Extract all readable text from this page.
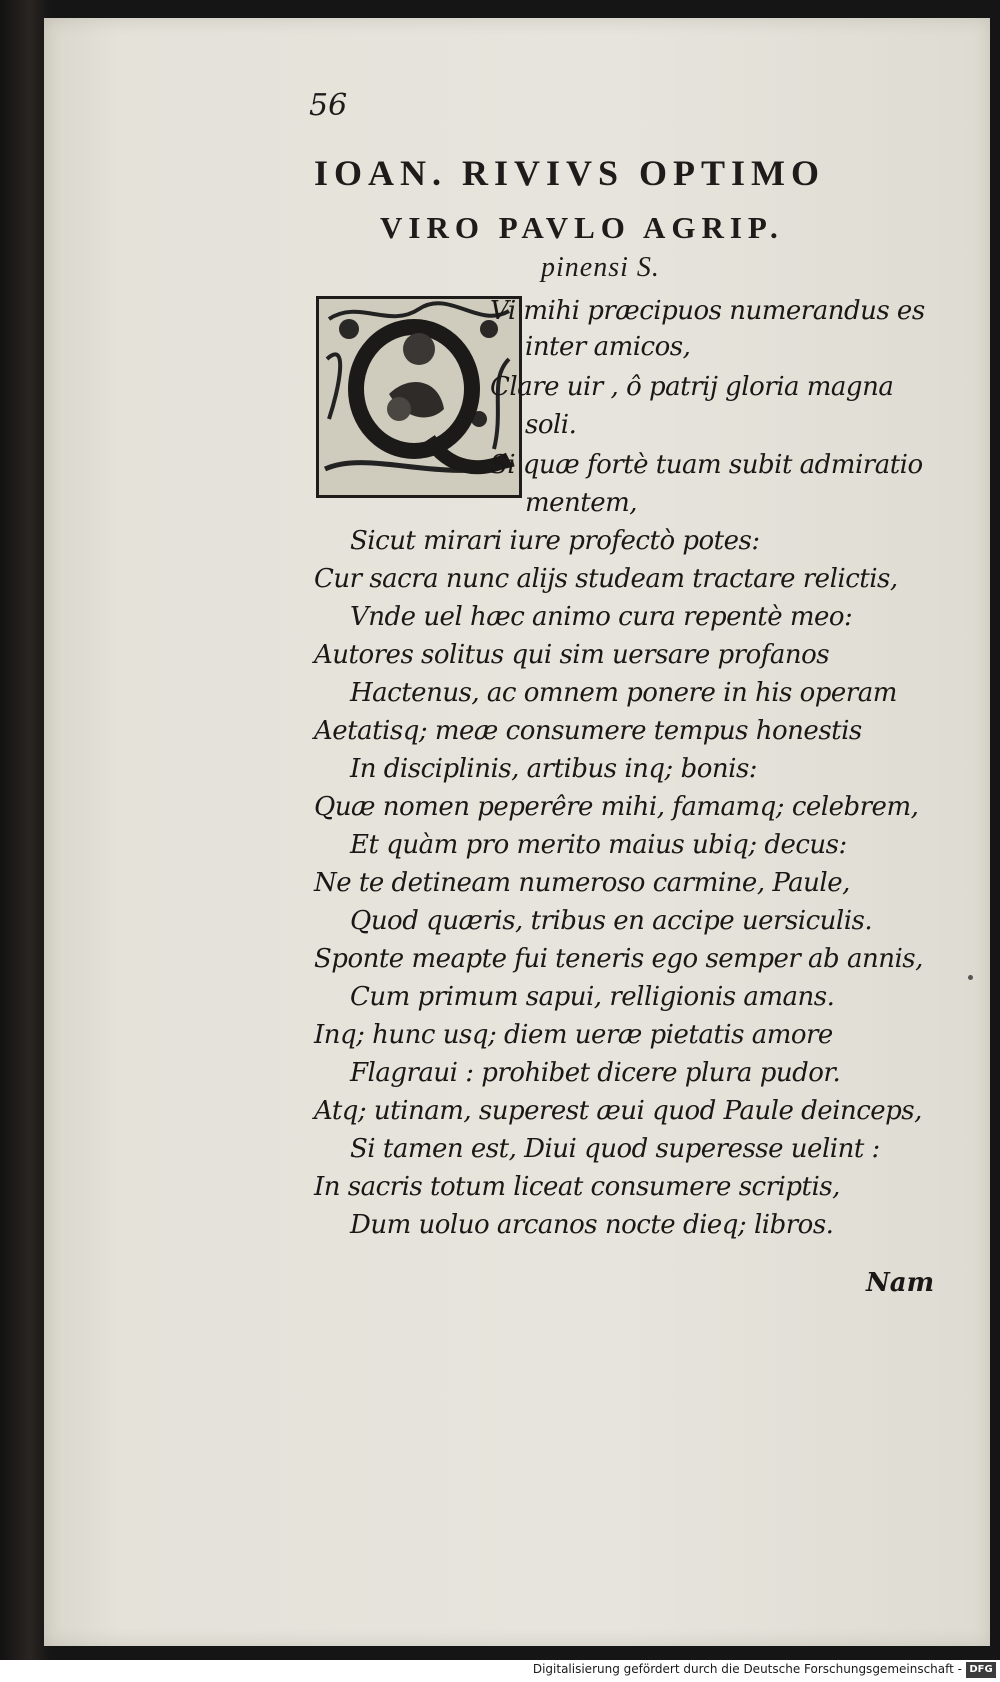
56
IOAN. RIVIVS OPTIMO
VIRO PAVLO AGRIP.
pinensi S.
Vi mihi præcipuos numerandus es
inter amicos,
Clare uir , ô patrij gloria magna
soli.
Si quæ fortè tuam subit admiratio
mentem,
Sicut mirari iure profectò potes:
Cur sacra nunc alijs studeam tractare relictis,
Vnde uel hæc animo cura repentè meo:
Autores solitus qui sim uersare profanos
Hactenus, ac omnem ponere in his operam
Aetatisq; meæ consumere tempus honestis
In disciplinis, artibus inq; bonis:
Quæ nomen peperêre mihi, famamq; celebrem,
Et quàm pro merito maius ubiq; decus:
Ne te detineam numeroso carmine, Paule,
Quod quæris, tribus en accipe uersiculis.
Sponte meapte fui teneris ego semper ab annis,
Cum primum sapui, relligionis amans.
Inq; hunc usq; diem ueræ pietatis amore
Flagraui : prohibet dicere plura pudor.
Atq; utinam, superest æui quod Paule deinceps,
Si tamen est, Diui quod superesse uelint :
In sacris totum liceat consumere scriptis,
Dum uoluo arcanos nocte dieq; libros.
Nam
Digitalisierung gefördert durch die Deutsche Forschungsgemeinschaft - DFG
